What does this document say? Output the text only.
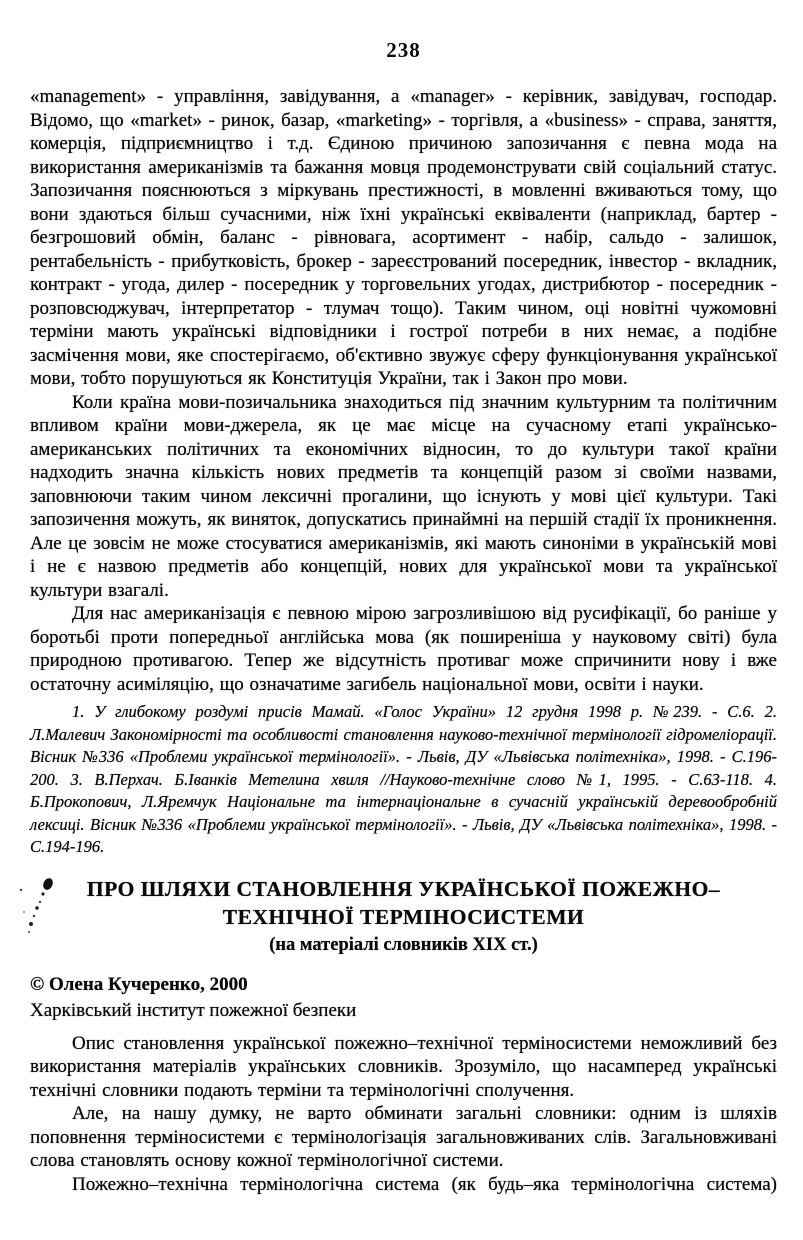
238

«management» - управління, завідування, а «manager» - керівник, завідувач, господар. Відомо, що «market» - ринок, базар, «marketing» - торгівля, а «business» - справа, заняття, комерція, підприємництво і т.д. Єдиною причиною запозичання є певна мода на використання американізмів та бажання мовця продемонструвати свій соціальний статус. Запозичання пояснюються з міркувань престижності, в мовленні вживаються тому, що вони здаються більш сучасними, ніж їхні українські еквіваленти (наприклад, бартер - безгрошовий обмін, баланс - рівновага, асортимент - набір, сальдо - залишок, рентабельність - прибутковість, брокер - зареєстрований посередник, інвестор - вкладник, контракт - угода, дилер - посередник у торговельних угодах, дистрибютор - посередник - розповсюджувач, інтерпретатор - тлумач тощо). Таким чином, оці новітні чужомовні терміни мають українські відповідники і гострої потреби в них немає, а подібне засмічення мови, яке спостерігаємо, об'єктивно звужує сферу функціонування української мови, тобто порушуються як Конституція України, так і Закон про мови.

Коли країна мови-позичальника знаходиться під значним культурним та політичним впливом країни мови-джерела, як це має місце на сучасному етапі українсько-американських політичних та економічних відносин, то до культури такої країни надходить значна кількість нових предметів та концепцій разом зі своїми назвами, заповнюючи таким чином лексичні прогалини, що існують у мові цієї культури. Такі запозичення можуть, як виняток, допускатись принаймні на першій стадії їх проникнення. Але це зовсім не може стосуватися американізмів, які мають синоніми в українській мові і не є назвою предметів або концепцій, нових для української мови та української культури взагалі.

Для нас американізація є певною мірою загрозливішою від русифікації, бо раніше у боротьбі проти попередньої англійська мова (як поширеніша у науковому світі) була природною противагою. Тепер же відсутність противаг може спричинити нову і вже остаточну асиміляцію, що означатиме загибель національної мови, освіти і науки.

1. У глибокому роздумі присів Мамай. «Голос України» 12 грудня 1998 р. №239. - С.6. 2. Л.Малевич Закономірності та особливості становлення науково-технічної термінології гідромеліорації. Вісник №336 «Проблеми української термінології». - Львів, ДУ «Львівська політехніка», 1998. - С.196-200. 3. В.Перхач. Б.Іванків Метелина хвиля //Науково-технічне слово №1, 1995. - С.63-118. 4. Б.Прокопович, Л.Яремчук Національне та інтернаціональне в сучасній українській деревообробній лексиці. Вісник №336 «Проблеми української термінології». - Львів, ДУ «Львівська політехніка», 1998. - С.194-196.
ПРО ШЛЯХИ СТАНОВЛЕННЯ УКРАЇНСЬКОЇ ПОЖЕЖНО–ТЕХНІЧНОЇ ТЕРМІНОСИСТЕМИ
(на матеріалі словників XIX ст.)
© Олена Кучеренко, 2000
Харківський інститут пожежної безпеки

Опис становлення української пожежно–технічної терміносистеми неможливий без використання матеріалів українських словників. Зрозуміло, що насамперед українські технічні словники подають терміни та термінологічні сполучення.

Але, на нашу думку, не варто обминати загальні словники: одним із шляхів поповнення терміносистеми є термінологізація загальновживаних слів. Загальновживані слова становлять основу кожної термінологічної системи.

Пожежно–технічна термінологічна система (як будь–яка термінологічна система)
